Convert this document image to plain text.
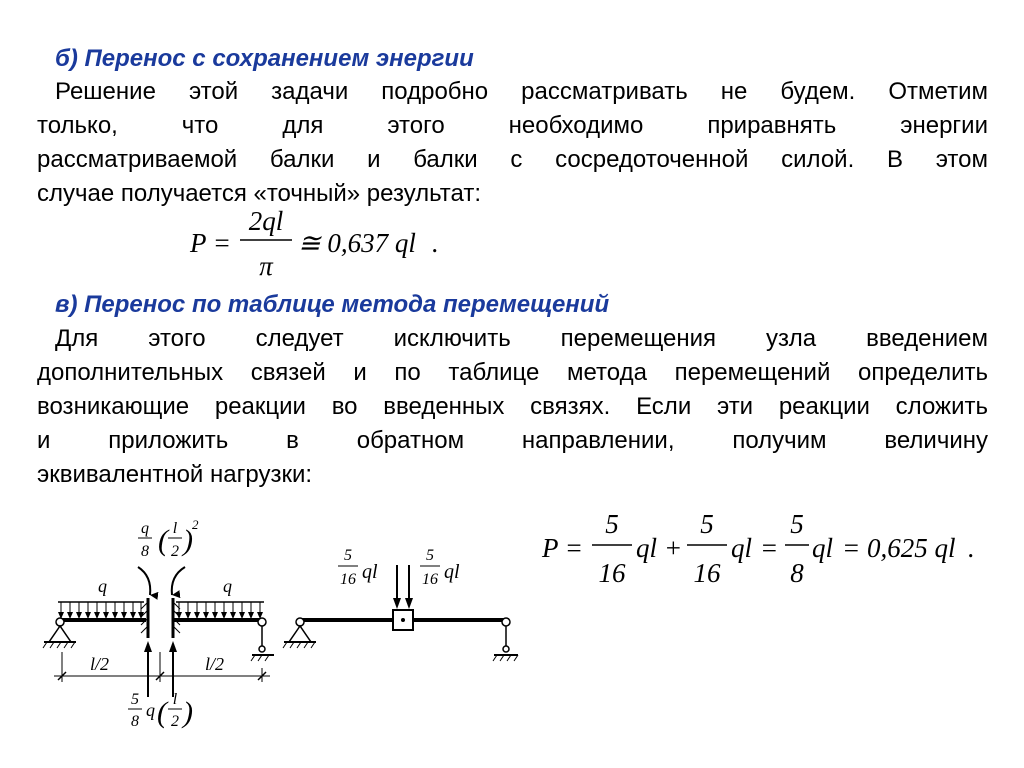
б) Перенос с сохранением энергии
Решение этой задачи подробно рассматривать не будем. Отметим
только, что для этого необходимо приравнять энергии
рассматриваемой балки и балки с сосредоточенной силой. В этом
случае получается «точный» результат:
P =
2ql
π
≅ 0,637 ql .
в) Перенос по таблице метода перемещений
Для этого следует исключить перемещения узла введением
дополнительных связей и по таблице метода перемещений определить
возникающие реакции во введенных связях. Если эти реакции сложить
и приложить в обратном направлении, получим величину
эквивалентной нагрузки:
P =
5
16
ql +
5
16
ql =
5
8
ql = 0,625 ql .
q
8 ( l
2 ) 2
q	q
l/2	l/2
5
8
q ( l
2 )
5
16 ql
5
16 ql
